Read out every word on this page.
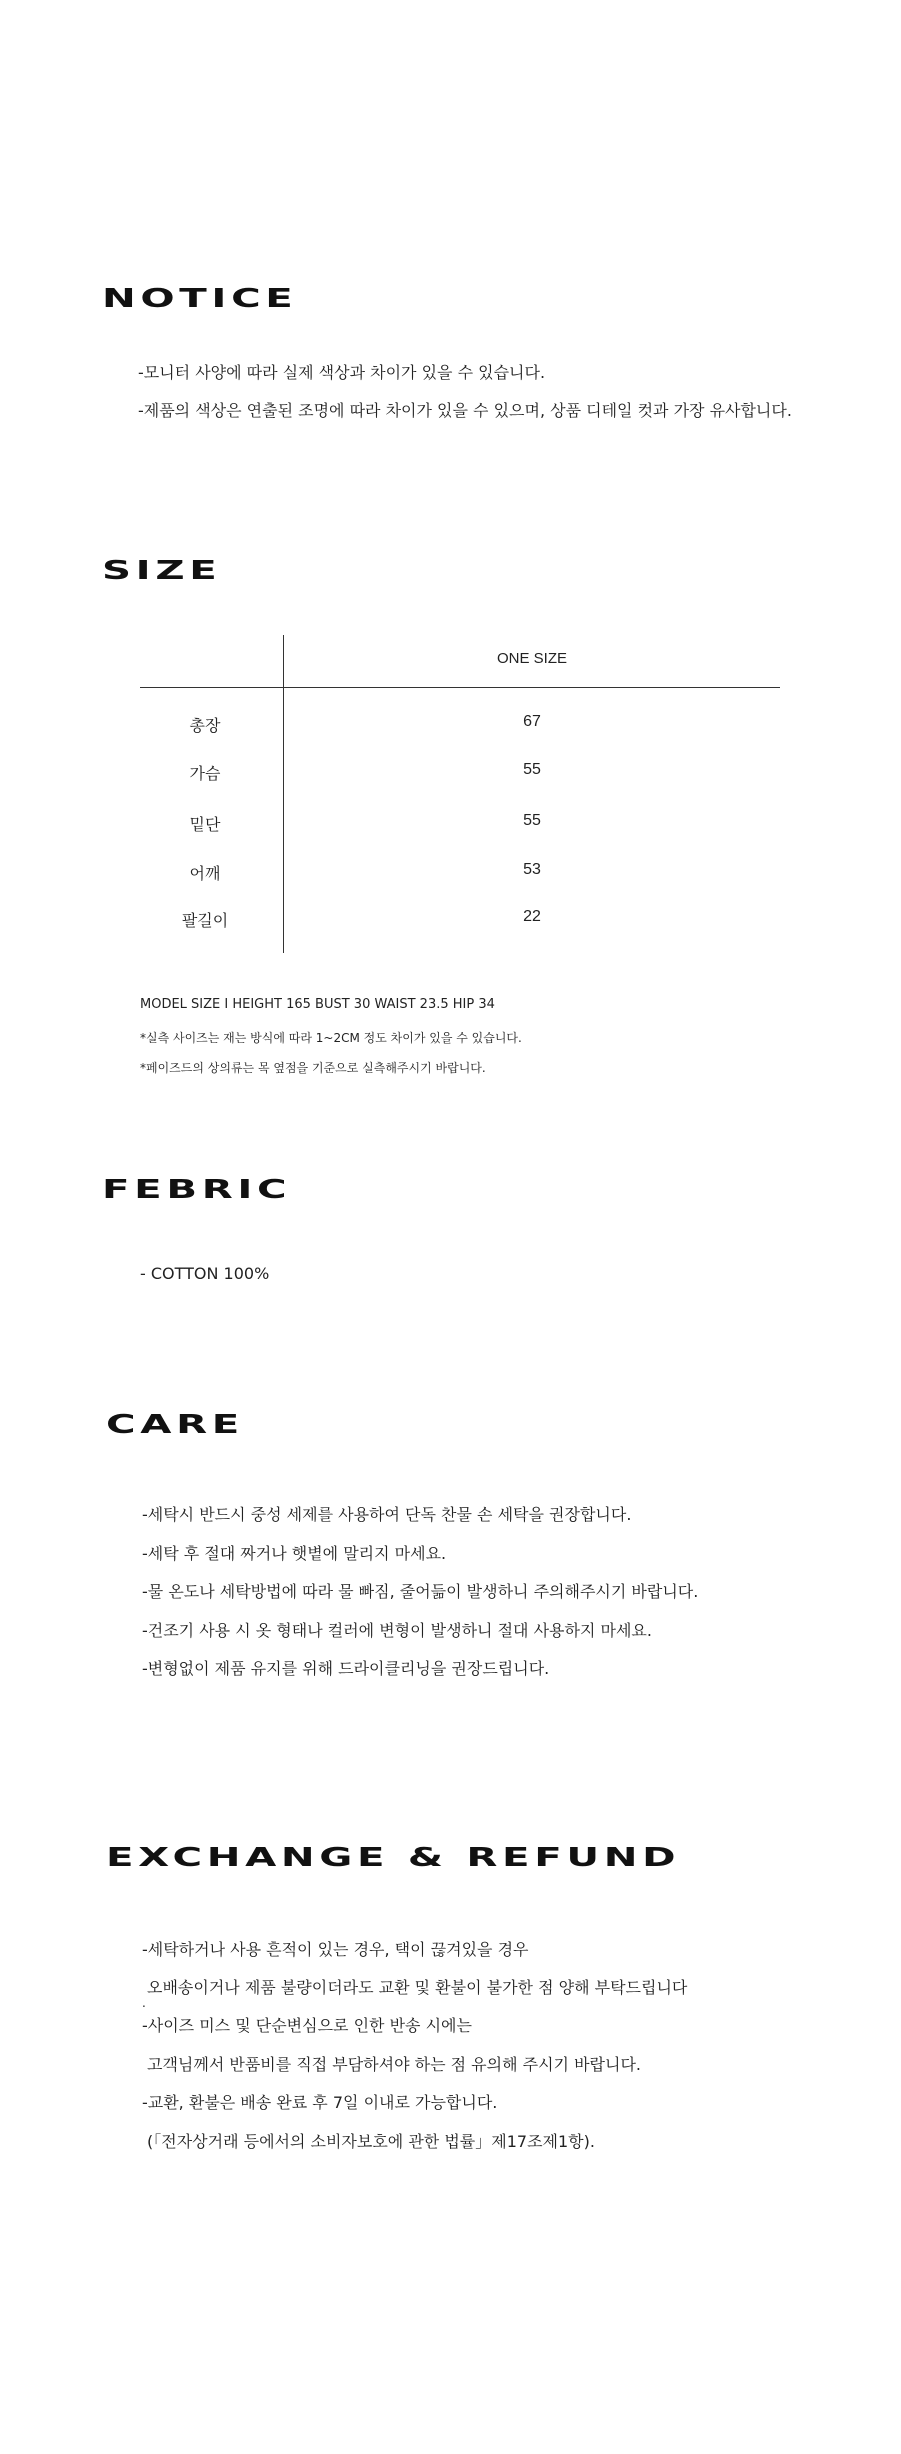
NOTICE

-모니터 사양에 따라 실제 색상과 차이가 있을 수 있습니다.

-제품의 색상은 연출된 조명에 따라 차이가 있을 수 있으며, 상품 디테일 컷과 가장 유사합니다.

SIZE
ONE SIZE
총장	67
가슴	55
밑단	55
어깨	53
팔길이	22

MODEL SIZE I HEIGHT 165 BUST 30 WAIST 23.5 HIP 34

*실측 사이즈는 재는 방식에 따라 1~2CM 정도 차이가 있을 수 있습니다.

*페이즈드의 상의류는 목 옆점을 기준으로 실측해주시기 바랍니다.

FEBRIC

- COTTON 100%

CARE

-세탁시 반드시 중성 세제를 사용하여 단독 찬물 손 세탁을 권장합니다.

-세탁 후 절대 짜거나 햇볕에 말리지 마세요.

-물 온도나 세탁방법에 따라 물 빠짐, 줄어듦이 발생하니 주의해주시기 바랍니다.

-건조기 사용 시 옷 형태나 컬러에 변형이 발생하니 절대 사용하지 마세요.

-변형없이 제품 유지를 위해 드라이클리닝을 권장드립니다.

EXCHANGE & REFUND

-세탁하거나 사용 흔적이 있는 경우, 택이 끊겨있을 경우

오배송이거나 제품 불량이더라도 교환 및 환불이 불가한 점 양해 부탁드립니다

.

-사이즈 미스 및 단순변심으로 인한 반송 시에는

고객님께서 반품비를 직접 부담하셔야 하는 점 유의해 주시기 바랍니다.

-교환, 환불은 배송 완료 후 7일 이내로 가능합니다.

(「전자상거래 등에서의 소비자보호에 관한 법률」제17조제1항).
